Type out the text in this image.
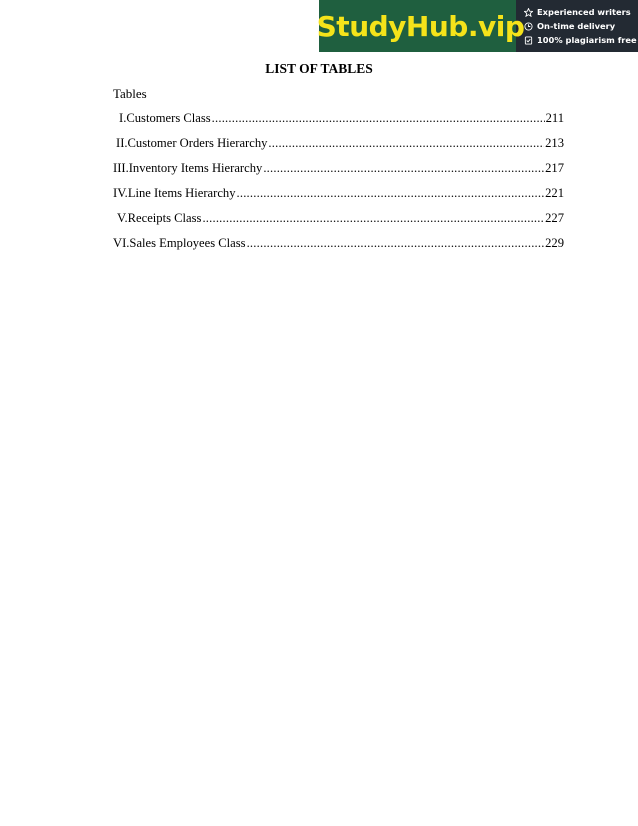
StudyHub.vip Experienced writers
On-time delivery
100% plagiarism free
LIST OF TABLES
Tables
I.Customers Class .....	211
II.Customer Orders Hierarchy .....	213
III.Inventory Items Hierarchy .....	217
IV.Line Items Hierarchy .....	221
V.Receipts Class .....	227
VI.Sales Employees Class .....	229
